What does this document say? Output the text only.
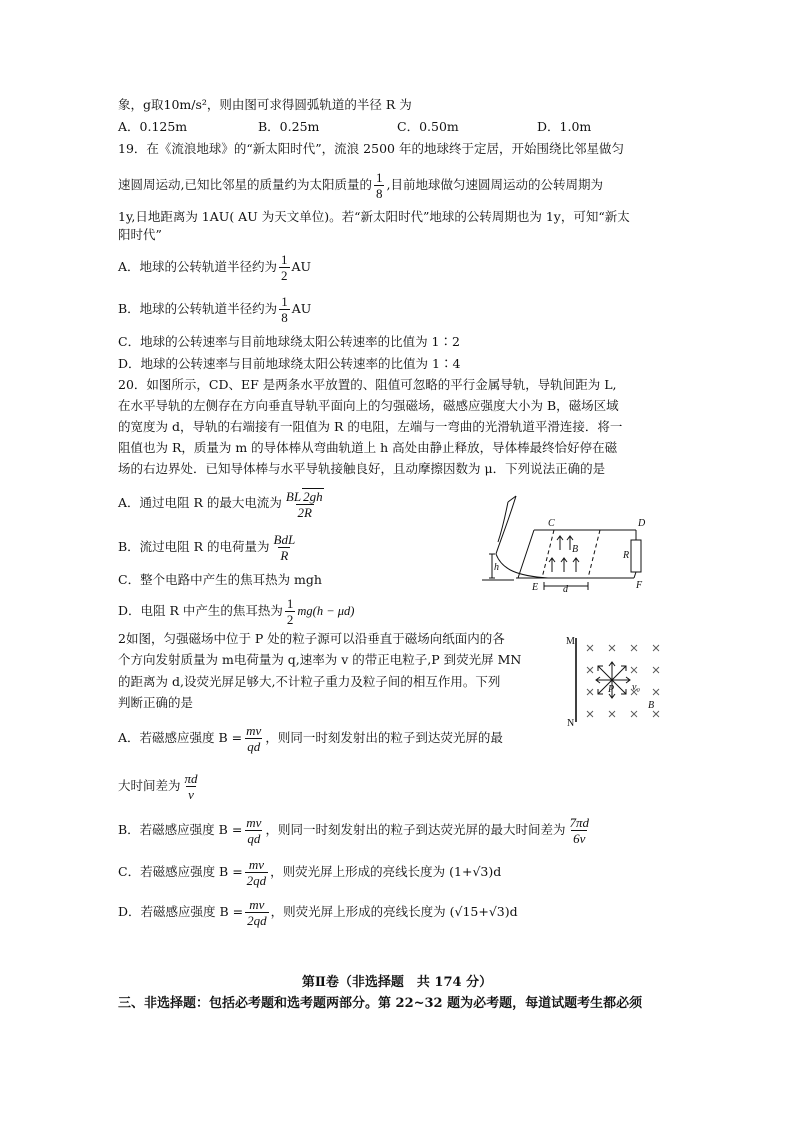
象，g取10m/s²，则由图可求得圆弧轨道的半径 R 为
A．0.125m	B．0.25m	C．0.50m	D．1.0m
19．在《流浪地球》的“新太阳时代”，流浪 2500 年的地球终于定居，开始围绕比邻星做匀
速圆周运动,已知比邻星的质量约为太阳质量的 $\frac{1}{8}$ ,目前地球做匀速圆周运动的公转周期为
1y,日地距离为 1AU( AU 为天文单位)。若“新太阳时代”地球的公转周期也为 1y，可知“新太
阳时代”
A．地球的公转轨道半径约为 $\frac{1}{2}$ AU
B．地球的公转轨道半径约为 $\frac{1}{8}$ AU
C．地球的公转速率与目前地球绕太阳公转速率的比值为 1∶2
D．地球的公转速率与目前地球绕太阳公转速率的比值为 1∶4
20．如图所示，CD、EF 是两条水平放置的、阻值可忽略的平行金属导轨，导轨间距为 L,
在水平导轨的左侧存在方向垂直导轨平面向上的匀强磁场，磁感应强度大小为 B，磁场区域
的宽度为 d，导轨的右端接有一阻值为 R 的电阻，左端与一弯曲的光滑轨道平滑连接．将一
阻值也为 R，质量为 m 的导体棒从弯曲轨道上 h 高处由静止释放，导体棒最终恰好停在磁
场的右边界处．已知导体棒与水平导轨接触良好，且动摩擦因数为 μ．下列说法正确的是
A．通过电阻 R 的最大电流为 $\frac{BL 2gh}{2R}$
B．流过电阻 R 的电荷量为 $\frac{\text{BdL}}{R}$
C．整个电路中产生的焦耳热为 mgh
D．电阻 R 中产生的焦耳热为 $\frac{1}{2} mg(h - \mu d)$
C	D
B
R
h
E d	F
2如图，匀强磁场中位于 P 处的粒子源可以沿垂直于磁场向纸面内的各
个方向发射质量为 m电荷量为 q,速率为 v 的带正电粒子,P 到荧光屏 MN
的距离为 d,设荧光屏足够大,不计粒子重力及粒子间的相互作用。下列
判断正确的是
M
N
P v₀
B
A．若磁感应强度 $B = \frac{mv}{qd}$ ，则同一时刻发射出的粒子到达荧光屏的最
大时间差为 $\frac{\pi d}{v}$
B．若磁感应强度 $B = \frac{mv}{qd}$ ，则同一时刻发射出的粒子到达荧光屏的最大时间差为 $\frac{7\pi d}{6v}$
C．若磁感应强度 $B = \frac{mv}{2qd}$ ，则荧光屏上形成的亮线长度为 (1+√3)d
D．若磁感应强度 $B = \frac{mv}{2qd}$ ，则荧光屏上形成的亮线长度为 (√15+√3)d
第Ⅱ卷（非选择题　共 174 分）
三、非选择题：包括必考题和选考题两部分。第 22~32 题为必考题，每道试题考生都必须
